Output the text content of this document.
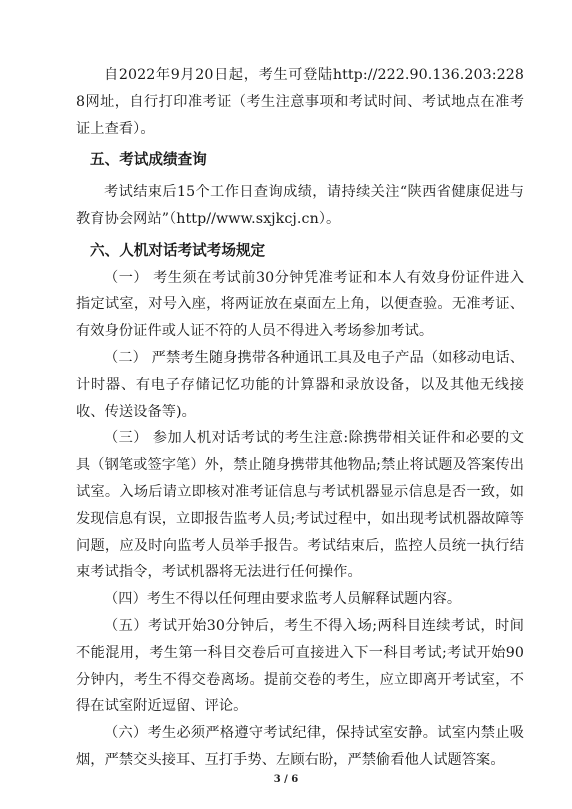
自2022年9月20日起，考生可登陆http://222.90.136.203:2288网址，自行打印准考证（考生注意事项和考试时间、考试地点在准考证上查看）。

五、考试成绩查询

考试结束后15个工作日查询成绩，请持续关注“陕西省健康促进与教育协会网站”（http//www.sxjkcj.cn）。

六、人机对话考试考场规定

（一） 考生须在考试前30分钟凭准考证和本人有效身份证件进入指定试室，对号入座，将两证放在桌面左上角，以便查验。无准考证、有效身份证件或人证不符的人员不得进入考场参加考试。

（二） 严禁考生随身携带各种通讯工具及电子产品（如移动电话、计时器、有电子存储记忆功能的计算器和录放设备，以及其他无线接收、传送设备等)。

（三） 参加人机对话考试的考生注意:除携带相关证件和必要的文具（钢笔或签字笔）外，禁止随身携带其他物品;禁止将试题及答案传出试室。入场后请立即核对准考证信息与考试机器显示信息是否一致，如发现信息有误，立即报告监考人员;考试过程中，如出现考试机器故障等问题，应及时向监考人员举手报告。考试结束后，监控人员统一执行结束考试指令，考试机器将无法进行任何操作。

（四）考生不得以任何理由要求监考人员解释试题内容。

（五）考试开始30分钟后，考生不得入场;两科目连续考试，时间不能混用，考生第一科目交卷后可直接进入下一科目考试;考试开始90分钟内，考生不得交卷离场。提前交卷的考生，应立即离开考试室，不得在试室附近逗留、评论。

（六）考生必须严格遵守考试纪律，保持试室安静。试室内禁止吸烟，严禁交头接耳、互打手势、左顾右盼，严禁偷看他人试题答案。

3 / 6
